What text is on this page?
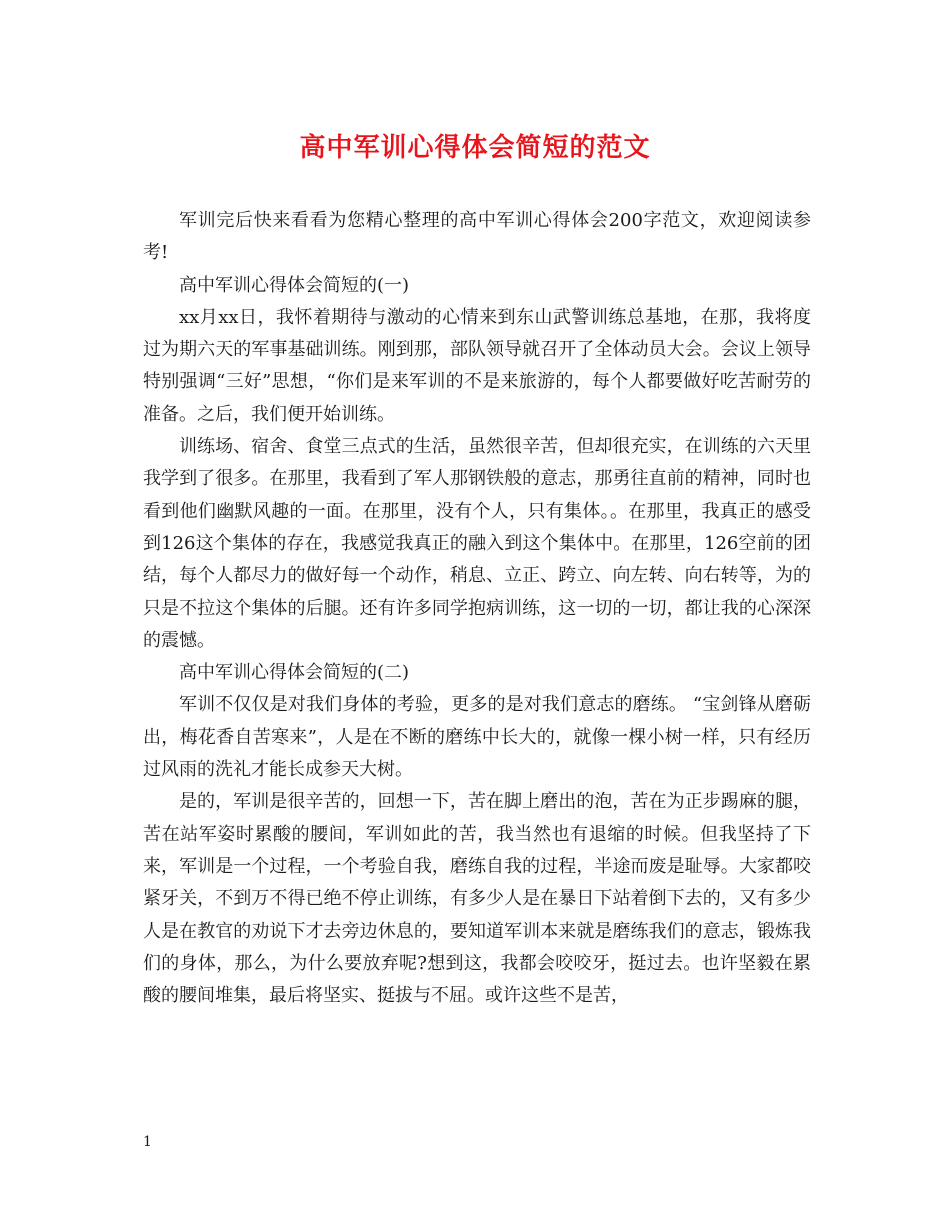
高中军训心得体会简短的范文

军训完后快来看看为您精心整理的高中军训心得体会200字范文，欢迎阅读参考!

高中军训心得体会简短的(一)

xx月xx日，我怀着期待与激动的心情来到东山武警训练总基地，在那，我将度过为期六天的军事基础训练。刚到那，部队领导就召开了全体动员大会。会议上领导特别强调“三好”思想，“你们是来军训的不是来旅游的，每个人都要做好吃苦耐劳的准备。之后，我们便开始训练。

训练场、宿舍、食堂三点式的生活，虽然很辛苦，但却很充实，在训练的六天里我学到了很多。在那里，我看到了军人那钢铁般的意志，那勇往直前的精神，同时也看到他们幽默风趣的一面。在那里，没有个人，只有集体。。在那里，我真正的感受到126这个集体的存在，我感觉我真正的融入到这个集体中。在那里，126空前的团结，每个人都尽力的做好每一个动作，稍息、立正、跨立、向左转、向右转等，为的只是不拉这个集体的后腿。还有许多同学抱病训练，这一切的一切，都让我的心深深的震憾。

高中军训心得体会简短的(二)

军训不仅仅是对我们身体的考验，更多的是对我们意志的磨练。 “宝剑锋从磨砺出，梅花香自苦寒来”，人是在不断的磨练中长大的，就像一棵小树一样，只有经历过风雨的洗礼才能长成参天大树。

是的，军训是很辛苦的，回想一下，苦在脚上磨出的泡，苦在为正步踢麻的腿，苦在站军姿时累酸的腰间，军训如此的苦，我当然也有退缩的时候。但我坚持了下来，军训是一个过程，一个考验自我，磨练自我的过程，半途而废是耻辱。大家都咬紧牙关，不到万不得已绝不停止训练，有多少人是在暴日下站着倒下去的，又有多少人是在教官的劝说下才去旁边休息的，要知道军训本来就是磨练我们的意志，锻炼我们的身体，那么，为什么要放弃呢?想到这，我都会咬咬牙，挺过去。也许坚毅在累酸的腰间堆集，最后将坚实、挺拔与不屈。或许这些不是苦，

1
